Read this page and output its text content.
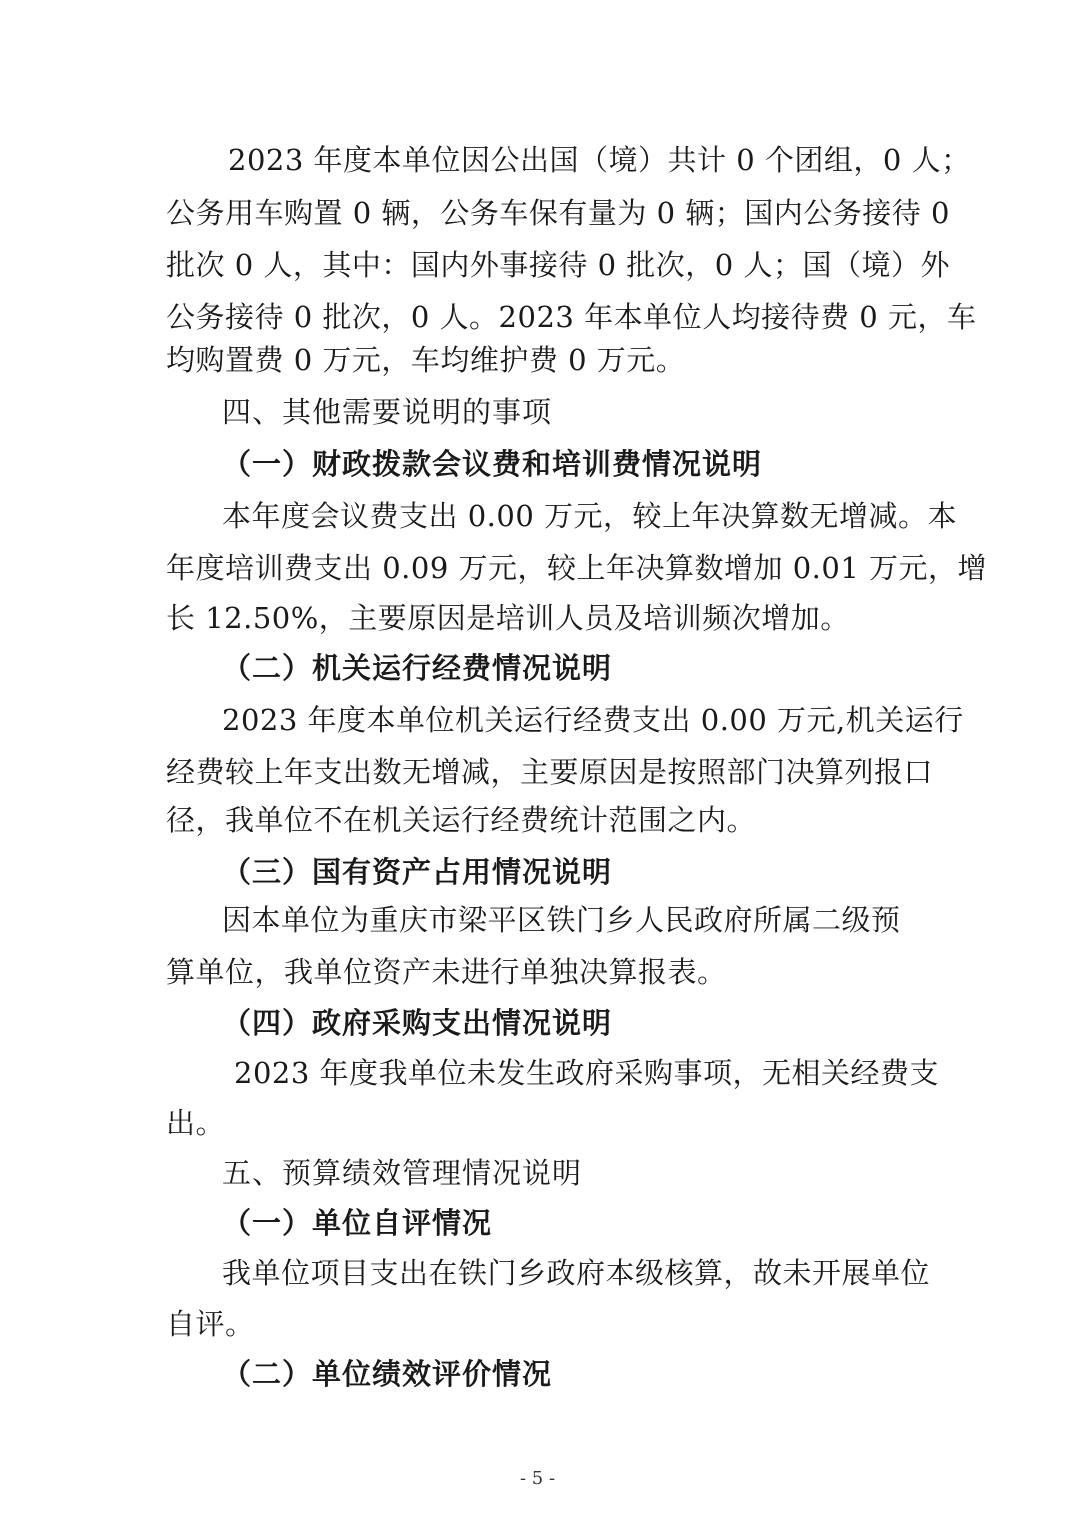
2023 年度本单位因公出国（境）共计 0 个团组，0 人；
公务用车购置 0 辆，公务车保有量为 0 辆；国内公务接待 0
批次 0 人，其中：国内外事接待 0 批次，0 人；国（境）外
公务接待 0 批次，0 人。2023 年本单位人均接待费 0 元，车
均购置费 0 万元，车均维护费 0 万元。
四、其他需要说明的事项
（一）财政拨款会议费和培训费情况说明
本年度会议费支出 0.00 万元，较上年决算数无增减。本
年度培训费支出 0.09 万元，较上年决算数增加 0.01 万元，增
长 12.50%，主要原因是培训人员及培训频次增加。
（二）机关运行经费情况说明
2023 年度本单位机关运行经费支出 0.00 万元,机关运行
经费较上年支出数无增减，主要原因是按照部门决算列报口
径，我单位不在机关运行经费统计范围之内。
（三）国有资产占用情况说明
因本单位为重庆市梁平区铁门乡人民政府所属二级预
算单位，我单位资产未进行单独决算报表。
（四）政府采购支出情况说明
2023 年度我单位未发生政府采购事项，无相关经费支
出。
五、预算绩效管理情况说明
（一）单位自评情况
我单位项目支出在铁门乡政府本级核算，故未开展单位
自评。
（二）单位绩效评价情况
- 5 -
